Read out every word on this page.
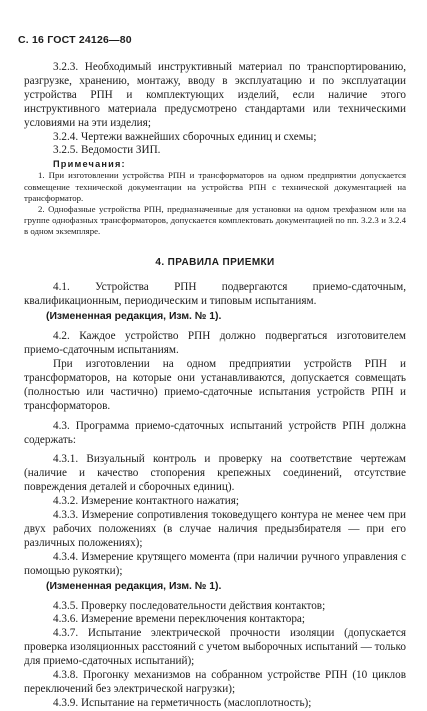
С. 16 ГОСТ 24126—80

3.2.3. Необходимый инструктивный материал по транспортированию, разгрузке, хранению, монтажу, вводу в эксплуатацию и по эксплуатации устройства РПН и комплектующих изделий, если наличие этого инструктивного материала предусмотрено стандартами или техническими условиями на эти изделия;

3.2.4. Чертежи важнейших сборочных единиц и схемы;

3.2.5. Ведомости ЗИП.

Примечания:

1. При изготовлении устройства РПН и трансформаторов на одном предприятии допускается совмещение технической документации на устройства РПН с технической документацией на трансформатор.

2. Однофазные устройства РПН, предназначенные для установки на одном трехфазном или на группе однофазных трансформаторов, допускается комплектовать документацией по пп. 3.2.3 и 3.2.4 в одном экземпляре.

4. ПРАВИЛА ПРИЕМКИ

4.1. Устройства РПН подвергаются приемо-сдаточным, квалификационным, периодическим и типовым испытаниям.

(Измененная редакция, Изм. № 1).

4.2. Каждое устройство РПН должно подвергаться изготовителем приемо-сдаточным испытаниям.

При изготовлении на одном предприятии устройств РПН и трансформаторов, на которые они устанавливаются, допускается совмещать (полностью или частично) приемо-сдаточные испытания устройств РПН и трансформаторов.

4.3. Программа приемо-сдаточных испытаний устройств РПН должна содержать:

4.3.1. Визуальный контроль и проверку на соответствие чертежам (наличие и качество стопорения крепежных соединений, отсутствие повреждения деталей и сборочных единиц).

4.3.2. Измерение контактного нажатия;

4.3.3. Измерение сопротивления токоведущего контура не менее чем при двух рабочих положениях (в случае наличия предызбирателя — при его различных положениях);

4.3.4. Измерение крутящего момента (при наличии ручного управления с помощью рукоятки);

(Измененная редакция, Изм. № 1).

4.3.5. Проверку последовательности действия контактов;

4.3.6. Измерение времени переключения контактора;

4.3.7. Испытание электрической прочности изоляции (допускается проверка изоляционных расстояний с учетом выборочных испытаний — только для приемо-сдаточных испытаний);

4.3.8. Прогонку механизмов на собранном устройстве РПН (10 циклов переключений без электрической нагрузки);

4.3.9. Испытание на герметичность (маслоплотность);
